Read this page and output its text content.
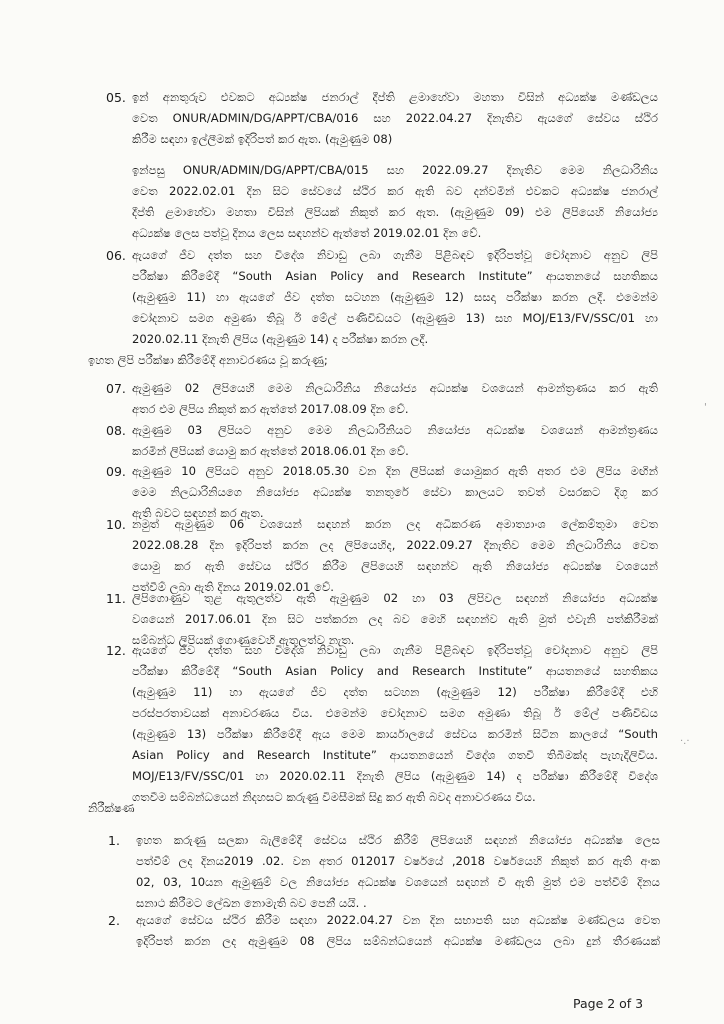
05. ඉන් අනතුරුව එවකට අධ්‍යක්ෂ ජනරාල් දීප්ති ළමාහේවා මහතා විසින් අධ්‍යක්ෂ මණ්ඩලය
වෙත ONUR/ADMIN/DG/APPT/CBA/016 සහ 2022.04.27 දිනැතිව ඇයගේ සේවය ස්ථිර
කිරීම සඳහා ඉල්ලීමක් ඉදිරිපත් කර ඇත. (ඇමුණුම 08)
ඉන්පසු ONUR/ADMIN/DG/APPT/CBA/015 සහ 2022.09.27 දිනැතිව මෙම නිලධාරිනිය
වෙත 2022.02.01 දින සිට සේවයේ ස්ථිර කර ඇති බව දන්වමින් එවකට අධ්‍යක්ෂ ජනරාල්
දීප්ති ළමාහේවා මහතා විසින් ලිපියක් නිකුත් කර ඇත. (ඇමුණුම 09) එම ලිපියෙහි නියෝජ්‍ය
අධ්‍යක්ෂ ලෙස පත්වූ දිනය ලෙස සඳහන්ව ඇත්තේ 2019.02.01 දින වේ.
06. ඇයගේ ජීව දත්ත සහ විදේශ නිවාඩු ලබා ගැනීම පිළිබඳව ඉදිරිපත්වූ චෝදනාව අනුව ලිපි
පරීක්ෂා කිරීමේදී “South Asian Policy and Research Institute” ආයතනයේ සහතිකය
(ඇමුණුම 11) හා ඇයගේ ජීව දත්ත සටහන (ඇමුණුම 12) සසදා පරීක්ෂා කරන ලදී. එමෙන්ම
චෝදනාව සමග අමුණා තිබූ ඊ මේල් පණිවිඩයට (ඇමුණුම 13) සහ MOJ/E13/FV/SSC/01 හා
2020.02.11 දිනැති ලිපිය (ඇමුණුම 14) ද පරීක්ෂා කරන ලදී.
ඉහත ලිපි පරීක්ෂා කිරීමේදී අනාවරණය වූ කරුණු;
07. ඇමුණුම 02 ලිපියෙහි මෙම නිලධාරිනිය නියෝජ්‍ය අධ්‍යක්ෂ වශයෙන් ආමන්ත්‍රණය කර ඇති
අතර එම ලිපිය නිකුත් කර ඇත්තේ 2017.08.09 දින වේ.
08. ඇමුණුම 03 ලිපියට අනුව මෙම නිලධාරිනියට නියෝජ්‍ය අධ්‍යක්ෂ වශයෙන් ආමන්ත්‍රණය
කරමින් ලිපියක් යොමු කර ඇත්තේ 2018.06.01 දින වේ.
09. ඇමුණුම 10 ලිපියට අනුව 2018.05.30 වන දින ලිපියක් යොමුකර ඇති අතර එම ලිපිය මඟින්
මෙම නිලධාරිනියගෙ නියෝජ්‍ය අධ්‍යක්ෂ තනතුරේ සේවා කාලයට තවත් වසරකට දිගු කර
ඇති බවට සඳහන් කර ඇත.
10. නමුත් ඇමුණුම 06 වශයෙන් සඳහන් කරන ලද අධිකරණ අමාත්‍යාංශ ලේකම්තුමා වෙත
2022.08.28 දින ඉදිරිපත් කරන ලද ලිපියෙහිද, 2022.09.27 දිනැතිව මෙම නිලධාරිනිය වෙත
යොමු කර ඇති සේවය ස්ථිර කිරීම ලිපියෙහි සඳහන්ව ඇති නියෝජ්‍ය අධ්‍යක්ෂ වශයෙන්
පත්වීම් ලබා ඇති දිනය 2019.02.01 වේ.
11. ලිපිගොණුව තුළ ඇතුලත්ව ඇති ඇමුණුම 02 හා 03 ලිපිවල සඳහන් නියෝජ්‍ය අධ්‍යක්ෂ
වශයෙන් 2017.06.01 දින සිට පත්කරන ලද බව මෙහි සඳහන්ව ඇති මුත් එවැනි පත්කිරීමක්
සම්බන්ධ ලිපියක් ගොණුවෙහි ඇතුලත්ව නැත.
12. ඇයගේ ජීව දත්ත සහ විදේශ නිවාඩු ලබා ගැනීම පිළිබඳව ඉදිරිපත්වූ චෝදනාව අනුව ලිපි
පරීක්ෂා කිරීමේදී “South Asian Policy and Research Institute” ආයතනයේ සහතිකය
(ඇමුණුම 11) හා ඇයගේ ජීව දත්ත සටහන (ඇමුණුම 12) පරීක්ෂා කිරීමේදී එහි
පරස්පරතාවයක් අනාවරණය විය. එමෙන්ම චෝදනාව සමග අමුණා තිබූ ඊ මේල් පණිවිඩය
(ඇමුණුම 13) පරීක්ෂා කිරීමේදී ඇය මෙම කාර්යාලයේ සේවය කරමින් සිටින කාලයේ “South
Asian Policy and Research Institute” ආයතනයෙන් විදේශ ගතවී තිබීමක්ද පැහැදිලිවිය.
MOJ/E13/FV/SSC/01 හා 2020.02.11 දිනැති ලිපිය (ඇමුණුම 14) ද පරීක්ෂා කිරීමේදී විදේශ
ගතවීම සම්බන්ධයෙන් නිදහසට කරුණු විමසීමක් සිදු කර ඇති බවද අනාවරණය විය.
නිරීක්ෂණ
1. ඉහත කරුණු සලකා බැලීමේදී සේවය ස්ථිර කිරීම් ලිපියෙහි සඳහන් නියෝජ්‍ය අධ්‍යක්ෂ ලෙස
පත්වීම් ලද දිනය2019 .02. වන අතර 012017 වර්ෂයේ ,2018 වර්ෂයෙහි නිකුත් කර ඇති අංක
02, 03, 10යන ඇමුණුම් වල නියෝජ්‍ය අධ්‍යක්ෂ වශයෙන් සඳහන් වී ඇති මුත් එම පත්වීම් දිනය
සනාථ කිරීමට ලේඛන නොමැති බව පෙනී යයි. .
2. ඇයගේ සේවය ස්ථිර කිරීම සඳහා 2022.04.27 වන දින සභාපති සහ අධ්‍යක්ෂ මණ්ඩලය වෙත
ඉදිරිපත් කරන ලද ඇමුණුම 08 ලිපිය සම්බන්ධයෙන් අධ්‍යක්ෂ මණ්ඩලය ලබා දුන් තීරණයක්
Page 2 of 3
'
·.·
